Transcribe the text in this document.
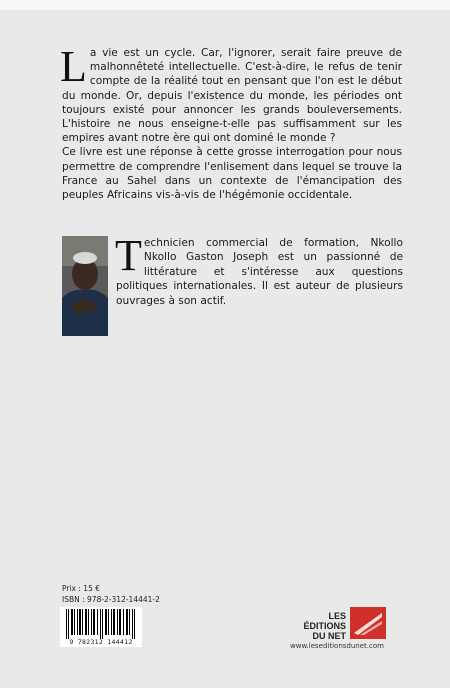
La vie est un cycle. Car, l'ignorer, serait faire preuve de malhonnêteté intellectuelle. C'est-à-dire, le refus de tenir compte de la réalité tout en pensant que l'on est le début du monde. Or, depuis l'existence du monde, les périodes ont toujours existé pour annoncer les grands bouleversements. L'histoire ne nous enseigne-t-elle pas suffisamment sur les empires avant notre ère qui ont dominé le monde ?

Ce livre est une réponse à cette grosse interrogation pour nous permettre de comprendre l'enlisement dans lequel se trouve la France au Sahel dans un contexte de l'émancipation des peuples Africains vis-à-vis de l'hégémonie occidentale.

Technicien commercial de formation, Nkollo Nkollo Gaston Joseph est un passionné de littérature et s'intéresse aux questions politiques internationales. Il est auteur de plusieurs ouvrages à son actif.
Prix : 15 €
ISBN : 978-2-312-14441-2
9 782312 144412
LES ÉDITIONS
DU NET
www.leseditionsdunet.com
